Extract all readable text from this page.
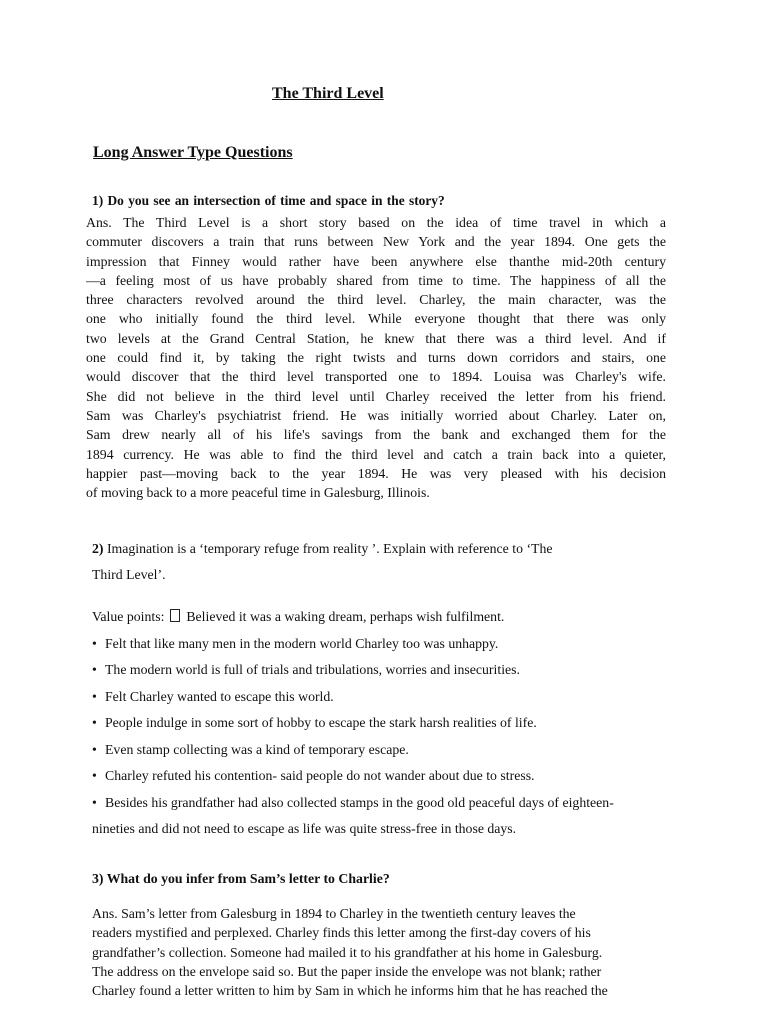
The Third Level
Long Answer Type Questions
1) Do you see an intersection of time and space in the story?
Ans. The Third Level is a short story based on the idea of time travel in which a
commuter discovers a train that runs between New York and the year 1894. One gets the
impression that Finney would rather have been anywhere else thanthe mid-20th century
—a feeling most of us have probably shared from time to time. The happiness of all the
three characters revolved around the third level. Charley, the main character, was the
one who initially found the third level. While everyone thought that there was only
two levels at the Grand Central Station, he knew that there was a third level. And if
one could find it, by taking the right twists and turns down corridors and stairs, one
would discover that the third level transported one to 1894. Louisa was Charley's wife.
She did not believe in the third level until Charley received the letter from his friend.
Sam was Charley's psychiatrist friend. He was initially worried about Charley. Later on,
Sam drew nearly all of his life's savings from the bank and exchanged them for the
1894 currency. He was able to find the third level and catch a train back into a quieter,
happier past—moving back to the year 1894. He was very pleased with his decision
of moving back to a more peaceful time in Galesburg, Illinois.
2) Imagination is a ‘temporary refuge from reality ’. Explain with reference to ‘The
Third Level’.
Value points: Believed it was a waking dream, perhaps wish fulfilment.
• Felt that like many men in the modern world Charley too was unhappy.
• The modern world is full of trials and tribulations, worries and insecurities.
• Felt Charley wanted to escape this world.
• People indulge in some sort of hobby to escape the stark harsh realities of life.
• Even stamp collecting was a kind of temporary escape.
• Charley refuted his contention- said people do not wander about due to stress.
• Besides his grandfather had also collected stamps in the good old peaceful days of eighteen-
nineties and did not need to escape as life was quite stress-free in those days.
3) What do you infer from Sam’s letter to Charlie?
Ans. Sam’s letter from Galesburg in 1894 to Charley in the twentieth century leaves the
readers mystified and perplexed. Charley finds this letter among the first-day covers of his
grandfather’s collection. Someone had mailed it to his grandfather at his home in Galesburg.
The address on the envelope said so. But the paper inside the envelope was not blank; rather
Charley found a letter written to him by Sam in which he informs him that he has reached the
